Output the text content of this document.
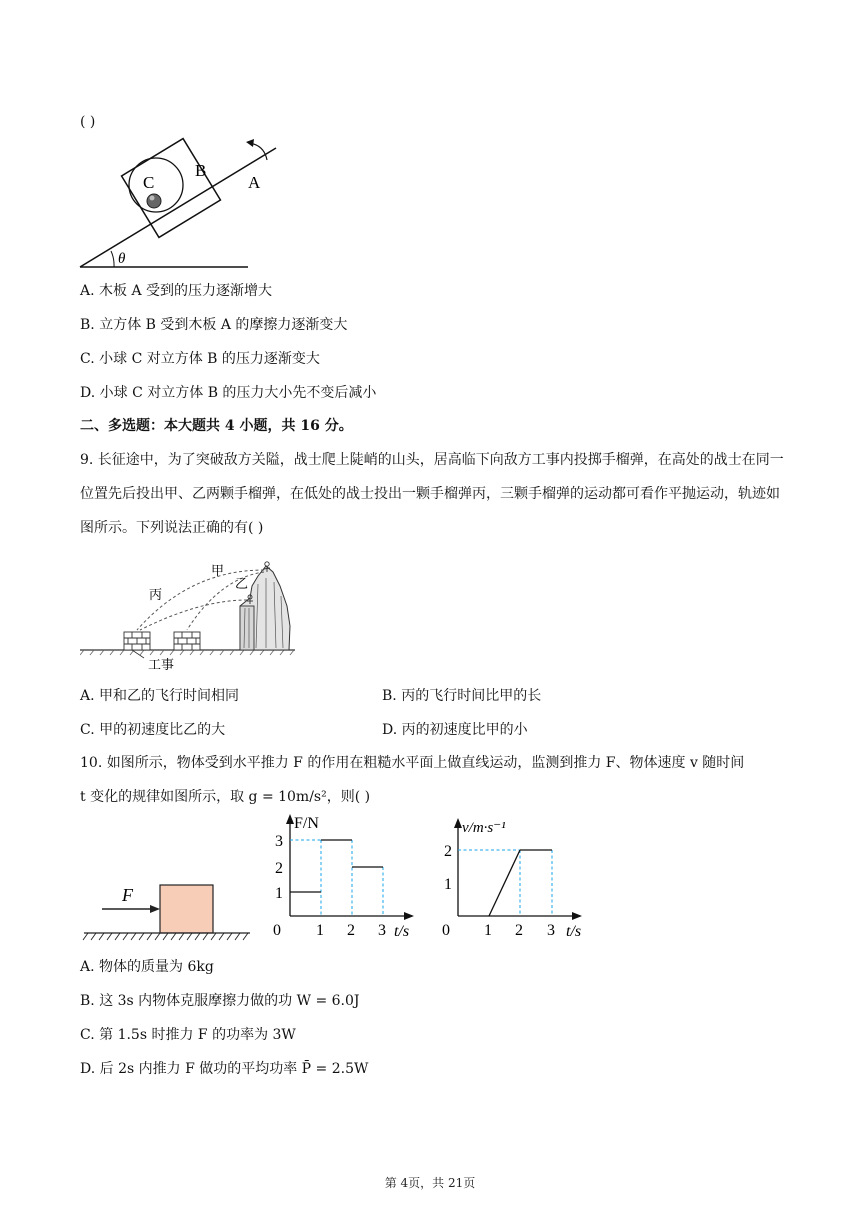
( )
θ
C
B
A
A. 木板 A 受到的压力逐渐增大
B. 立方体 B 受到木板 A 的摩擦力逐渐变大
C. 小球 C 对立方体 B 的压力逐渐变大
D. 小球 C 对立方体 B 的压力大小先不变后减小
二、多选题：本大题共 4 小题，共 16 分。
9. 长征途中，为了突破敌方关隘，战士爬上陡峭的山头，居高临下向敌方工事内投掷手榴弹，在高处的战士在同一位置先后投出甲、乙两颗手榴弹，在低处的战士投出一颗手榴弹丙，三颗手榴弹的运动都可看作平抛运动，轨迹如图所示。下列说法正确的有( )
甲
乙
丙
工事
A. 甲和乙的飞行时间相同	B. 丙的飞行时间比甲的长
C. 甲的初速度比乙的大	D. 丙的初速度比甲的小
10. 如图所示，物体受到水平推力 F 的作用在粗糙水平面上做直线运动，监测到推力 F、物体速度 v 随时间
t 变化的规律如图所示，取 g = 10m/s²，则( )
F
F/N
t/s
0 1 2 3
1
2
3
v/m·s⁻¹
t/s
0 1 2 3
1
2
A. 物体的质量为 6kg
B. 这 3s 内物体克服摩擦力做的功 W = 6.0J
C. 第 1.5s 时推力 F 的功率为 3W
D. 后 2s 内推力 F 做功的平均功率 P̄ = 2.5W
第 4页，共 21页
